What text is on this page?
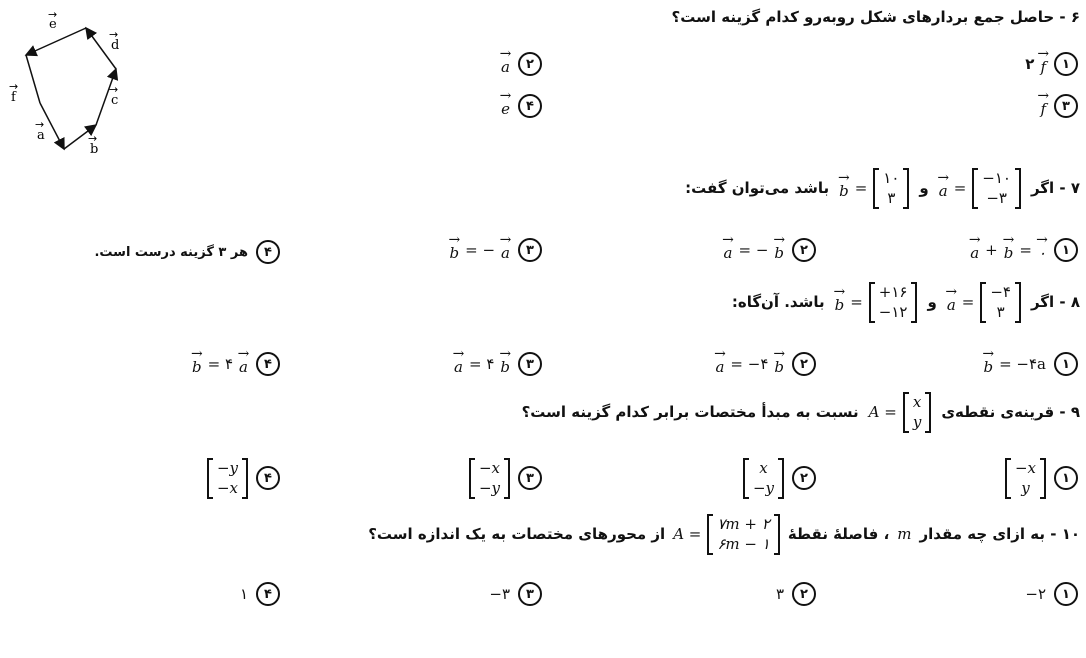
e
→
d
→
f
→
c
→
a
→
b
→
۶ - حاصل جمع بردارهای شکل روبه‌رو کدام گزینه است؟
۱
۲ → f
۲
→ a
۳
→ f
۴
→ e
۷ - اگر
→ a =
−۱۰
−۳
و
→ b =
۱۰
۳
باشد می‌توان گفت:
۱
→ a + → b = → ۰
۲
→ a = − → b
۳
→ b = − → a
۴
هر ۳ گزینه درست است.
۸ - اگر
→ a =
−۴
۳
و
→ b =
+۱۶
−۱۲
باشد. آن‌گاه:
۱
→ b = −۴a
۲
→ a = −۴ → b
۳
→ a = ۴ → b
۴
→ b = ۴ → a
۹ - قرینه‌ی نقطه‌ی
A =
x
y
نسبت به مبدأ مختصات برابر کدام گزینه است؟
۱
−x
y
۲
x
−y
۳
−x
−y
۴
−y
−x
۱۰ - به ازای چه مقدار
m
، فاصلهٔ نقطهٔ
A =
۷m + ۲
۶m − ۱
از محورهای مختصات به یک اندازه است؟
۱
−۲
۲
۳
۳
−۳
۴
۱
